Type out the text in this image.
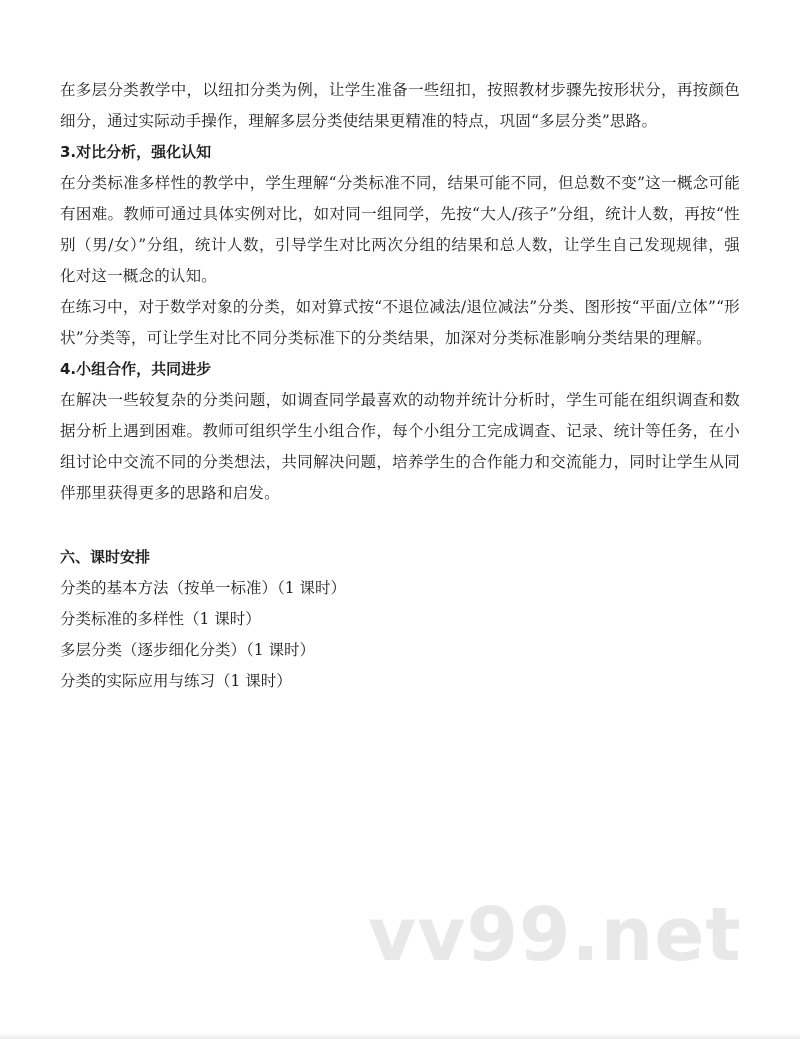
在多层分类教学中，以纽扣分类为例，让学生准备一些纽扣，按照教材步骤先按形状分，再按颜色细分，通过实际动手操作，理解多层分类使结果更精准的特点，巩固“多层分类”思路。

3.对比分析，强化认知

在分类标准多样性的教学中，学生理解“分类标准不同，结果可能不同，但总数不变”这一概念可能有困难。教师可通过具体实例对比，如对同一组同学，先按“大人/孩子”分组，统计人数，再按“性别（男/女）”分组，统计人数，引导学生对比两次分组的结果和总人数，让学生自己发现规律，强化对这一概念的认知。

在练习中，对于数学对象的分类，如对算式按“不退位减法/退位减法”分类、图形按“平面/立体”“形状”分类等，可让学生对比不同分类标准下的分类结果，加深对分类标准影响分类结果的理解。

4.小组合作，共同进步

在解决一些较复杂的分类问题，如调查同学最喜欢的动物并统计分析时，学生可能在组织调查和数据分析上遇到困难。教师可组织学生小组合作，每个小组分工完成调查、记录、统计等任务，在小组讨论中交流不同的分类想法，共同解决问题，培养学生的合作能力和交流能力，同时让学生从同伴那里获得更多的思路和启发。

六、课时安排

分类的基本方法（按单一标准）（1 课时）

分类标准的多样性（1 课时）

多层分类（逐步细化分类）（1 课时）

分类的实际应用与练习（1 课时）

vv99.net
